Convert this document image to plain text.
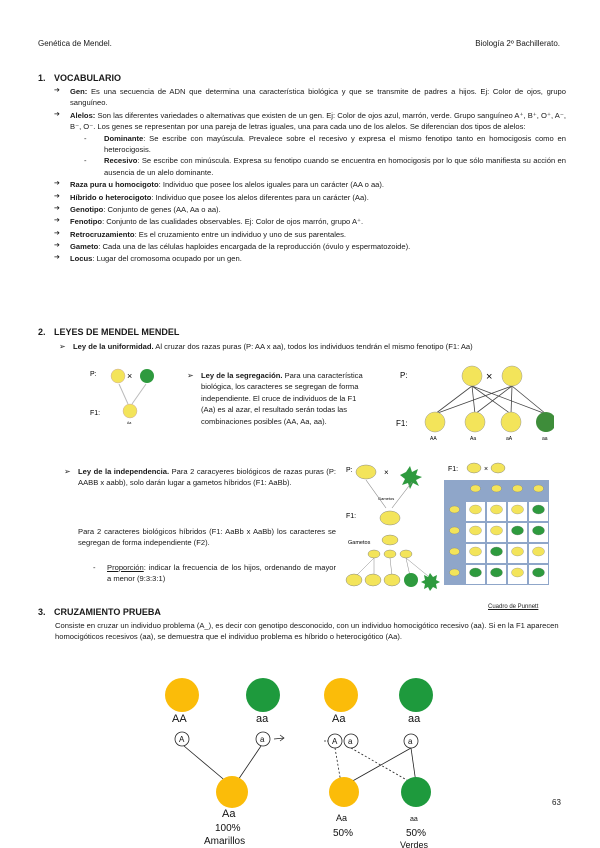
Genética de Mendel.	Biología 2º Bachillerato.
1. VOCABULARIO
➔ Gen: Es una secuencia de ADN que determina una característica biológica y que se transmite de padres a hijos. Ej: Color de ojos, grupo sanguíneo.
➔ Alelos: Son las diferentes variedades o alternativas que existen de un gen. Ej: Color de ojos azul, marrón, verde. Grupo sanguíneo A⁺, B⁺, O⁺, A⁻, B⁻, O⁻. Los genes se representan por una pareja de letras iguales, una para cada uno de los alelos. Se diferencian dos tipos de alelos:
- Dominante: Se escribe con mayúscula. Prevalece sobre el recesivo y expresa el mismo fenotipo tanto en homocigosis como en heterocigosis.
- Recesivo: Se escribe con minúscula. Expresa su fenotipo cuando se encuentra en homocigosis por lo que sólo manifiesta su acción en ausencia de un alelo dominante.
➔ Raza pura u homocigoto: Individuo que posee los alelos iguales para un carácter (AA o aa).
➔ Híbrido o heterocigoto: Individuo que posee los alelos diferentes para un carácter (Aa).
➔ Genotipo: Conjunto de genes (AA, Aa o aa).
➔ Fenotipo: Conjunto de las cualidades observables. Ej: Color de ojos marrón, grupo A⁺.
➔ Retrocruzamiento: Es el cruzamiento entre un individuo y uno de sus parentales.
➔ Gameto: Cada una de las células haploides encargada de la reproducción (óvulo y espermatozoide).
➔ Locus: Lugar del cromosoma ocupado por un gen.
2. LEYES DE MENDEL MENDEL
➢ Ley de la uniformidad. Al cruzar dos razas puras (P: AA x aa), todos los individuos tendrán el mismo fenotipo (F1: Aa)
P:	×
F1:
Aa
➢ Ley de la segregación. Para una característica biológica, los caracteres se segregan de forma independiente. El cruce de individuos de la F1 (Aa) es al azar, el resultado serán todas las combinaciones posibles (AA, Aa, aa).
P:
F1:
×
AA	Aa	aA	aa
➢ Ley de la independencia. Para 2 caracyeres biológicos de razas puras (P: AABB x aabb), solo darán lugar a gametos híbridos (F1: AaBb).
Para 2 caracteres biológicos híbridos (F1: AaBb x AaBb) los caracteres se segregan de forma independiente (F2).
- Proporción: indicar la frecuencia de los hijos, ordenando de mayor a menor (9:3:3:1)
P:	×
Gametos
F1:
Gametos
F1:	×
Cuadro de Punnett
3. CRUZAMIENTO PRUEBA
Consiste en cruzar un individuo problema (A_), es decir con genotipo desconocido, con un individuo homocigótico recesivo (aa). Si en la F1 aparecen homocigóticos recesivos (aa), se demuestra que el individuo problema es híbrido o heterocigótico (Aa).
AA	aa
A	a
Aa
100%
Amarillos
Aa	aa
A a	a
Aa	aa
50%	50%
Verdes
63
